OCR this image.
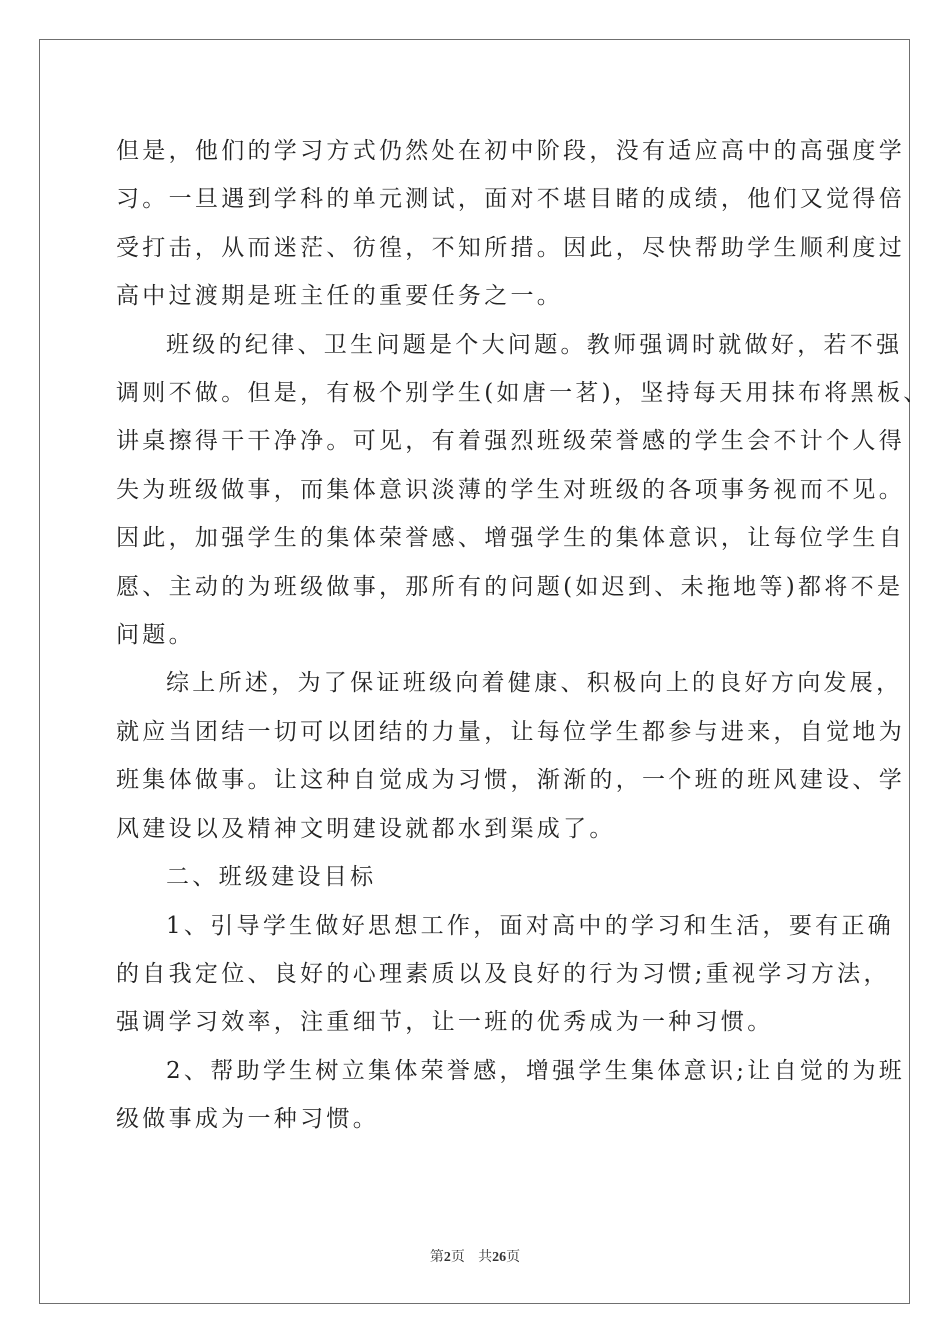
但是，他们的学习方式仍然处在初中阶段，没有适应高中的高强度学

习。一旦遇到学科的单元测试，面对不堪目睹的成绩，他们又觉得倍

受打击，从而迷茫、彷徨，不知所措。因此，尽快帮助学生顺利度过

高中过渡期是班主任的重要任务之一。

班级的纪律、卫生问题是个大问题。教师强调时就做好，若不强

调则不做。但是，有极个别学生(如唐一茗)，坚持每天用抹布将黑板、

讲桌擦得干干净净。可见，有着强烈班级荣誉感的学生会不计个人得

失为班级做事，而集体意识淡薄的学生对班级的各项事务视而不见。

因此，加强学生的集体荣誉感、增强学生的集体意识，让每位学生自

愿、主动的为班级做事，那所有的问题(如迟到、未拖地等)都将不是

问题。

综上所述，为了保证班级向着健康、积极向上的良好方向发展，

就应当团结一切可以团结的力量，让每位学生都参与进来，自觉地为

班集体做事。让这种自觉成为习惯，渐渐的，一个班的班风建设、学

风建设以及精神文明建设就都水到渠成了。

二、班级建设目标

1、引导学生做好思想工作，面对高中的学习和生活，要有正确

的自我定位、良好的心理素质以及良好的行为习惯;重视学习方法，

强调学习效率，注重细节，让一班的优秀成为一种习惯。

2、帮助学生树立集体荣誉感，增强学生集体意识;让自觉的为班

级做事成为一种习惯。

第2页 共26页
